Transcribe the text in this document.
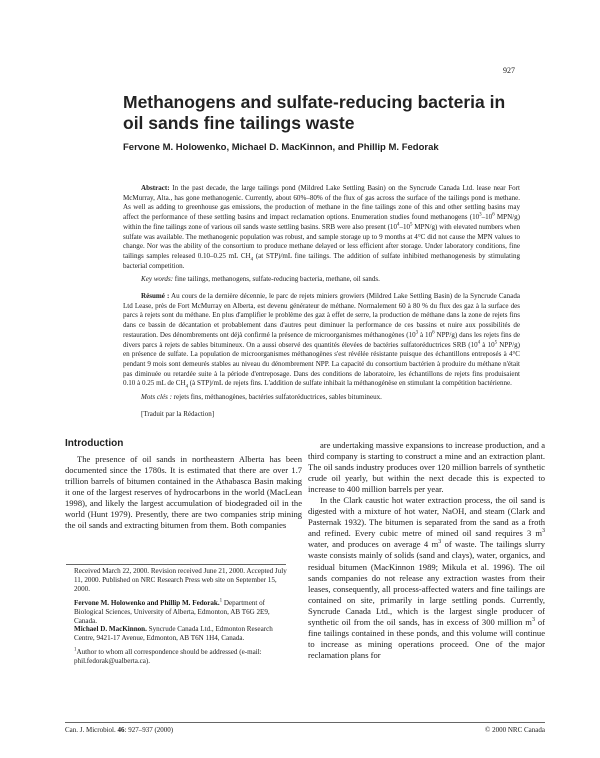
927
Methanogens and sulfate-reducing bacteria in oil sands fine tailings waste

Fervone M. Holowenko, Michael D. MacKinnon, and Phillip M. Fedorak

Abstract: In the past decade, the large tailings pond (Mildred Lake Settling Basin) on the Syncrude Canada Ltd. lease near Fort McMurray, Alta., has gone methanogenic. Currently, about 60%–80% of the flux of gas across the surface of the tailings pond is methane. As well as adding to greenhouse gas emissions, the production of methane in the fine tailings zone of this and other settling basins may affect the performance of these settling basins and impact reclamation options. Enumeration studies found methanogens ($10^3-10^6$ MPN/g) within the fine tailings zone of various oil sands waste settling basins. SRB were also present ($10^4-10^5$ MPN/g) with elevated numbers when sulfate was available. The methanogenic population was robust, and sample storage up to 9 months at 4°C did not cause the MPN values to change. Nor was the ability of the consortium to produce methane delayed or less efficient after storage. Under laboratory conditions, fine tailings samples released 0.10–0.25 mL $CH_4$ (at STP)/mL fine tailings. The addition of sulfate inhibited methanogenesis by stimulating bacterial competition.

Key words: fine tailings, methanogens, sulfate-reducing bacteria, methane, oil sands.

Résumé : Au cours de la dernière décennie, le parc de rejets miniers growiers (Mildred Lake Settling Basin) de la Syncrude Canada Ltd Lease, près de Fort McMurray en Alberta, est devenu générateur de méthane. Normalement 60 à 80 % du flux des gaz à la surface des parcs à rejets sont du méthane. En plus d'amplifier le problème des gaz à effet de serre, la production de méthane dans la zone de rejets fins dans ce bassin de décantation et probablement dans d'autres peut diminuer la performance de ces bassins et nuire aux possibilités de restauration. Des dénombrements ont déjà confirmé la présence de microorganismes méthanogènes ($10^3$ à $10^6$ NPP/g) dans les rejets fins de divers parcs à rejets de sables bitumineux. On a aussi observé des quantités élevées de bactéries sulfatoréductrices SRB ($10^4$ à $10^5$ NPP/g) en présence de sulfate. La population de microorganismes méthanogènes s'est révélée résistante puisque des échantillons entreposés à 4°C pendant 9 mois sont demeurés stables au niveau du dénombrement NPP. La capacité du consortium bactérien à produire du méthane n'était pas diminuée ou retardée suite à la période d'entreposage. Dans des conditions de laboratoire, les échantillons de rejets fins produisaient 0.10 à 0.25 mL de $CH_4$ (à STP)/mL de rejets fins. L'addition de sulfate inhibait la méthanogénèse en stimulant la compétition bactérienne.

Mots clés : rejets fins, méthanogènes, bactéries sulfatoréductrices, sables bitumineux.

[Traduit par la Rédaction]

Introduction

The presence of oil sands in northeastern Alberta has been documented since the 1780s. It is estimated that there are over 1.7 trillion barrels of bitumen contained in the Athabasca Basin making it one of the largest reserves of hydrocarbons in the world (MacLean 1998), and likely the largest accumulation of biodegraded oil in the world (Hunt 1979). Presently, there are two companies strip mining the oil sands and extracting bitumen from them. Both companies

are undertaking massive expansions to increase production, and a third company is starting to construct a mine and an extraction plant. The oil sands industry produces over 120 million barrels of synthetic crude oil yearly, but within the next decade this is expected to increase to 400 million barrels per year.

In the Clark caustic hot water extraction process, the oil sand is digested with a mixture of hot water, NaOH, and steam (Clark and Pasternak 1932). The bitumen is separated from the sand as a froth and refined. Every cubic metre of mined oil sand requires 3 $m^3$ water, and produces on average 4 $m^3$ of waste. The tailings slurry waste consists mainly of solids (sand and clays), water, organics, and residual bitumen (MacKinnon 1989; Mikula et al. 1996). The oil sands companies do not release any extraction wastes from their leases, consequently, all process-affected waters and fine tailings are contained on site, primarily in large settling ponds. Currently, Syncrude Canada Ltd., which is the largest single producer of synthetic oil from the oil sands, has in excess of 300 million $m^3$ of fine tailings contained in these ponds, and this volume will continue to increase as mining operations proceed. One of the major reclamation plans for

Received March 22, 2000. Revision received June 21, 2000. Accepted July 11, 2000. Published on NRC Research Press web site on September 15, 2000.

Fervone M. Holowenko and Phillip M. Fedorak.$^1$ Department of Biological Sciences, University of Alberta, Edmonton, AB T6G 2E9, Canada.

Michael D. MacKinnon. Syncrude Canada Ltd., Edmonton Research Centre, 9421-17 Avenue, Edmonton, AB T6N 1H4, Canada.

$^1$Author to whom all correspondence should be addressed (e-mail: phil.fedorak@ualberta.ca).

Can. J. Microbiol. 46: 927–937 (2000)	© 2000 NRC Canada
